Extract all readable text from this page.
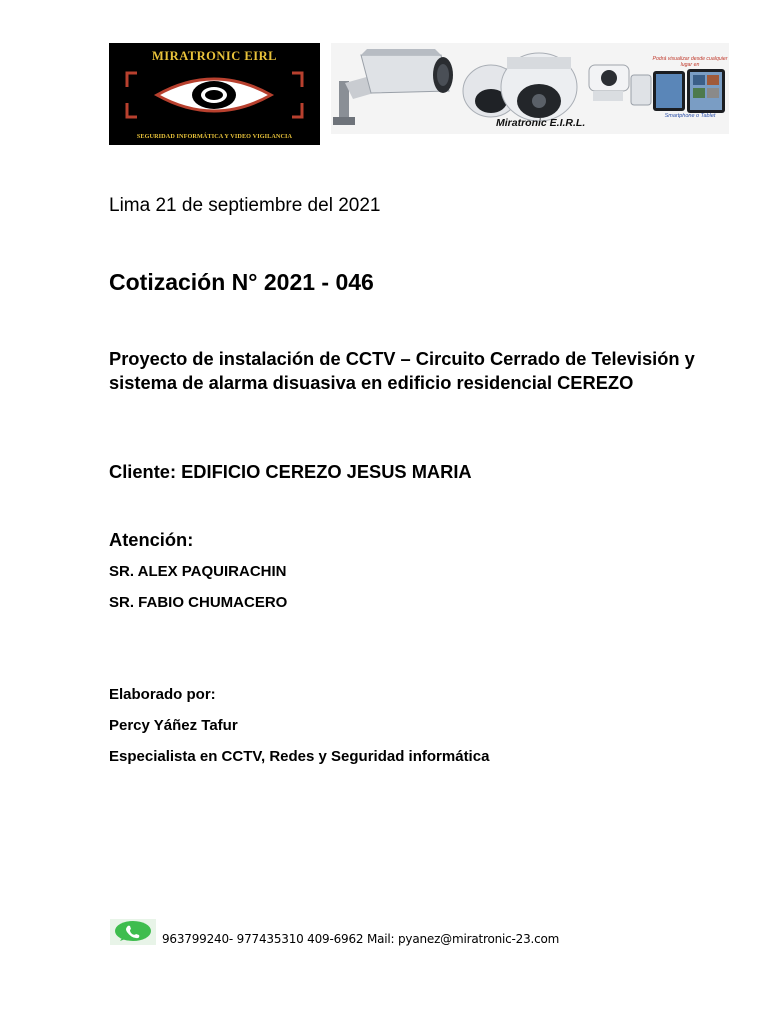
MIRATRONIC EIRL
SEGURIDAD INFORMÁTICA Y VIDEO VIGILANCIA
Miratronic E.I.R.L.
Podrá visualizar desde cualquier lugar en
Smartphone o Tablet
Lima 21 de septiembre del 2021
Cotización N° 2021 - 046
Proyecto de instalación de CCTV – Circuito Cerrado de Televisión y sistema de alarma disuasiva en edificio residencial CEREZO
Cliente: EDIFICIO CEREZO JESUS MARIA
Atención:
SR. ALEX PAQUIRACHIN
SR. FABIO CHUMACERO
Elaborado por:
Percy Yáñez Tafur
Especialista en CCTV, Redes y Seguridad informática
963799240- 977435310 409-6962 Mail: pyanez@miratronic-23.com
